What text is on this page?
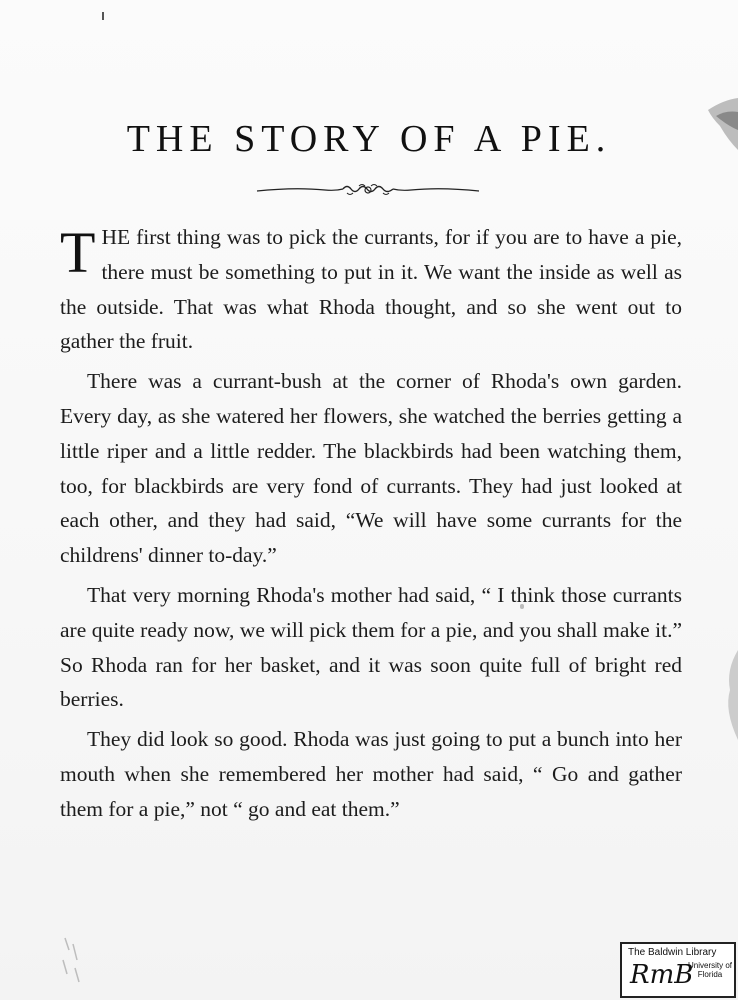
THE STORY OF A PIE.

THE first thing was to pick the currants, for if you are to have a pie, there must be something to put in it. We want the inside as well as the outside. That was what Rhoda thought, and so she went out to gather the fruit.

There was a currant-bush at the corner of Rhoda's own garden. Every day, as she watered her flowers, she watched the berries getting a little riper and a little redder. The blackbirds had been watching them, too, for blackbirds are very fond of currants. They had just looked at each other, and they had said, “We will have some currants for the childrens' dinner to-day.”

That very morning Rhoda's mother had said, “ I think those currants are quite ready now, we will pick them for a pie, and you shall make it.” So Rhoda ran for her basket, and it was soon quite full of bright red berries.

They did look so good. Rhoda was just going to put a bunch into her mouth when she remembered her mother had said, “ Go and gather them for a pie,” not “ go and eat them.”

The Baldwin Library
RmB
University of Florida
